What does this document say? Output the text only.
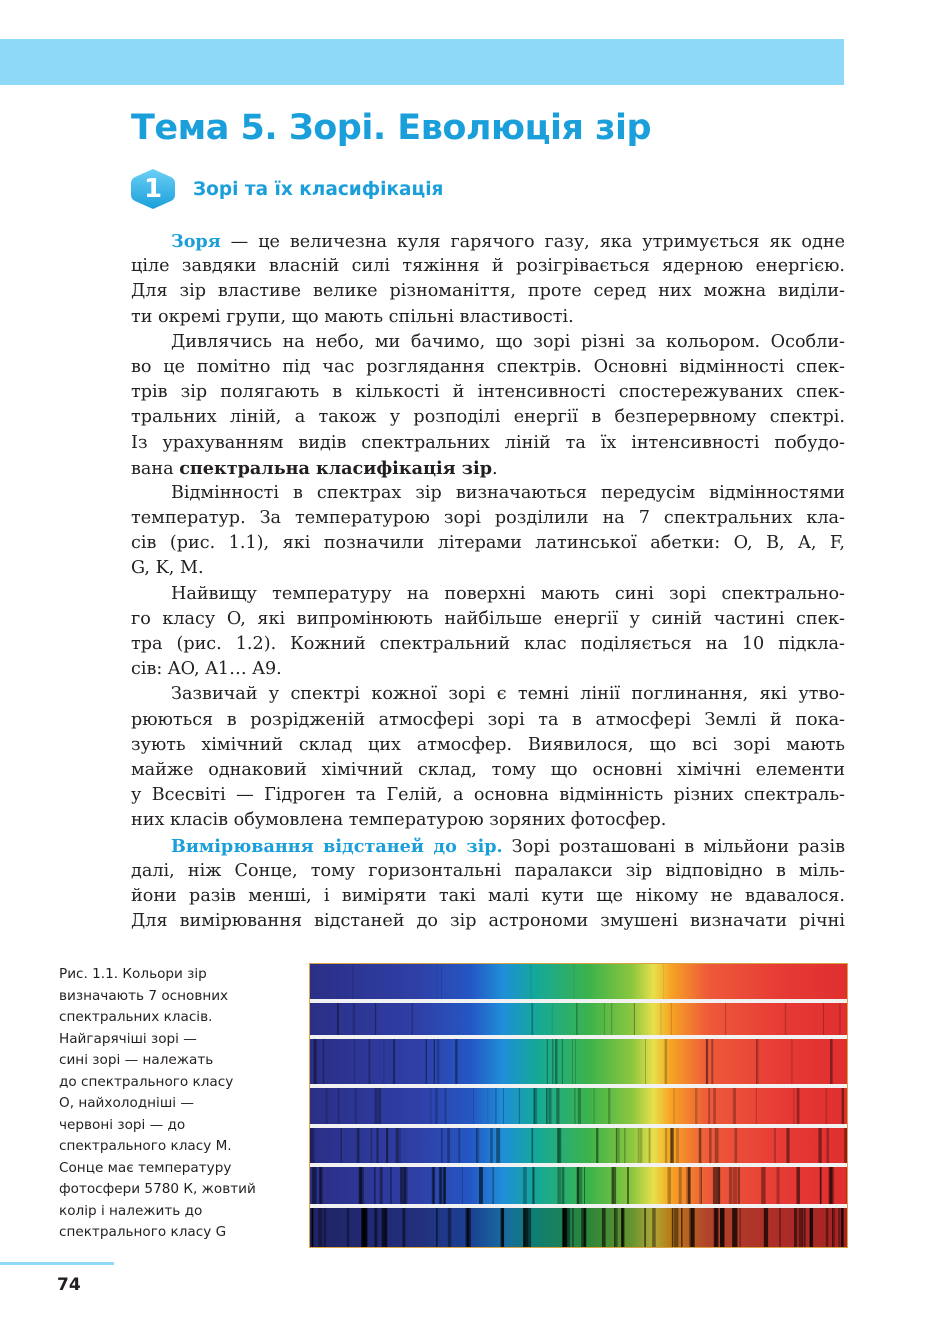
Тема 5. Зорі. Еволюція зір
1	Зорі та їх класифікація
Зоря — це величезна куля гарячого газу, яка утримується як одне
ціле завдяки власній силі тяжіння й розігрівається ядерною енергією.
Для зір властиве велике різноманіття, проте серед них можна виділи-
ти окремі групи, що мають спільні властивості.
Дивлячись на небо, ми бачимо, що зорі різні за кольором. Особли-
во це помітно під час розглядання спектрів. Основні відмінності спек-
трів зір полягають в кількості й інтенсивності спостережуваних спек-
тральних ліній, а також у розподілі енергії в безперервному спектрі.
Із урахуванням видів спектральних ліній та їх інтенсивності побудо-
вана спектральна класифікація зір.
Відмінності в спектрах зір визначаються передусім відмінностями
температур. За температурою зорі розділили на 7 спектральних кла-
сів (рис. 1.1), які позначили літерами латинської абетки: O, B, A, F,
G, K, M.
Найвищу температуру на поверхні мають сині зорі спектрально-
го класу O, які випромінюють найбільше енергії у синій частині спек-
тра (рис. 1.2). Кожний спектральний клас поділяється на 10 підкла-
сів: AO, A1… A9.
Зазвичай у спектрі кожної зорі є темні лінії поглинання, які утво-
рюються в розрідженій атмосфері зорі та в атмосфері Землі й пока-
зують хімічний склад цих атмосфер. Виявилося, що всі зорі мають
майже однаковий хімічний склад, тому що основні хімічні елементи
у Всесвіті — Гідроген та Гелій, а основна відмінність різних спектраль-
них класів обумовлена температурою зоряних фотосфер.
Вимірювання відстаней до зір. Зорі розташовані в мільйони разів
далі, ніж Сонце, тому горизонтальні паралакси зір відповідно в міль-
йони разів менші, і виміряти такі малі кути ще нікому не вдавалося.
Для вимірювання відстаней до зір астрономи змушені визначати річні
Рис. 1.1. Кольори зір
визначають 7 основних
спектральних класів.
Найгарячіші зорі —
сині зорі — належать
до спектрального класу
O, найхолодніші —
червоні зорі — до
спектрального класу M.
Сонце має температуру
фотосфери 5780 К, жовтий
колір і належить до
спектрального класу G
74
